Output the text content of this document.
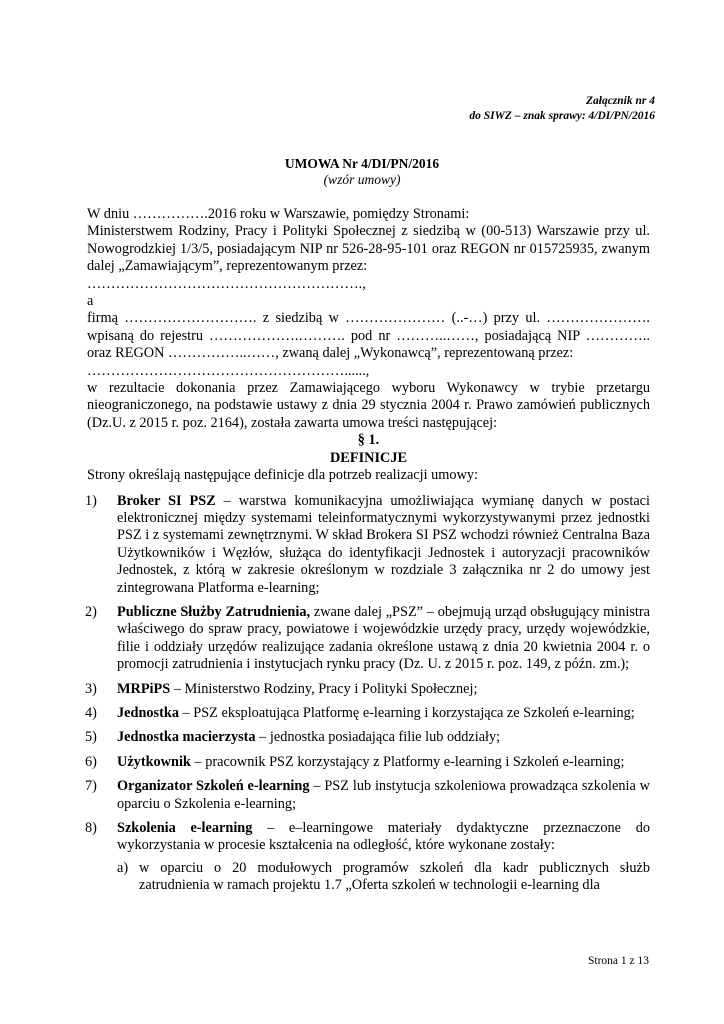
Załącznik nr 4
do SIWZ – znak sprawy: 4/DI/PN/2016
UMOWA Nr 4/DI/PN/2016
(wzór umowy)

W dniu …………….2016 roku w Warszawie, pomiędzy Stronami:

Ministerstwem Rodziny, Pracy i Polityki Społecznej z siedzibą w (00-513) Warszawie przy ul. Nowogrodzkiej 1/3/5, posiadającym NIP nr 526-28-95-101 oraz REGON nr 015725935, zwanym dalej „Zamawiającym”, reprezentowanym przez:

………………………………………………….,

a

firmą ………………………. z siedzibą w ………………… (..-…) przy ul. …………………. wpisaną do rejestru ……………….………. pod nr ………..……, posiadającą NIP ………….. oraz REGON ……………..……, zwaną dalej „Wykonawcą”, reprezentowaną przez:

………………………………………………......,

w rezultacie dokonania przez Zamawiającego wyboru Wykonawcy w trybie przetargu nieograniczonego, na podstawie ustawy z dnia 29 stycznia 2004 r. Prawo zamówień publicznych (Dz.U. z 2015 r. poz. 2164), została zawarta umowa treści następującej:

§ 1.

DEFINICJE

Strony określają następujące definicje dla potrzeb realizacji umowy:

1) Broker SI PSZ – warstwa komunikacyjna umożliwiająca wymianę danych w postaci elektronicznej między systemami teleinformatycznymi wykorzystywanymi przez jednostki PSZ i z systemami zewnętrznymi. W skład Brokera SI PSZ wchodzi również Centralna Baza Użytkowników i Węzłów, służąca do identyfikacji Jednostek i autoryzacji pracowników Jednostek, z którą w zakresie określonym w rozdziale 3 załącznika nr 2 do umowy jest zintegrowana Platforma e-learning;
2) Publiczne Służby Zatrudnienia, zwane dalej „PSZ” – obejmują urząd obsługujący ministra właściwego do spraw pracy, powiatowe i wojewódzkie urzędy pracy, urzędy wojewódzkie, filie i oddziały urzędów realizujące zadania określone ustawą z dnia 20 kwietnia 2004 r. o promocji zatrudnienia i instytucjach rynku pracy (Dz. U. z 2015 r. poz. 149, z późn. zm.);
3) MRPiPS – Ministerstwo Rodziny, Pracy i Polityki Społecznej;
4) Jednostka – PSZ eksploatująca Platformę e-learning i korzystająca ze Szkoleń e-learning;
5) Jednostka macierzysta – jednostka posiadająca filie lub oddziały;
6) Użytkownik – pracownik PSZ korzystający z Platformy e-learning i Szkoleń e-learning;
7) Organizator Szkoleń e-learning – PSZ lub instytucja szkoleniowa prowadząca szkolenia w oparciu o Szkolenia e-learning;
8) Szkolenia e-learning – e–learningowe materiały dydaktyczne przeznaczone do wykorzystania w procesie kształcenia na odległość, które wykonane zostały:
a) w oparciu o 20 modułowych programów szkoleń dla kadr publicznych służb zatrudnienia w ramach projektu 1.7 „Oferta szkoleń w technologii e-learning dla
Strona 1 z 13
